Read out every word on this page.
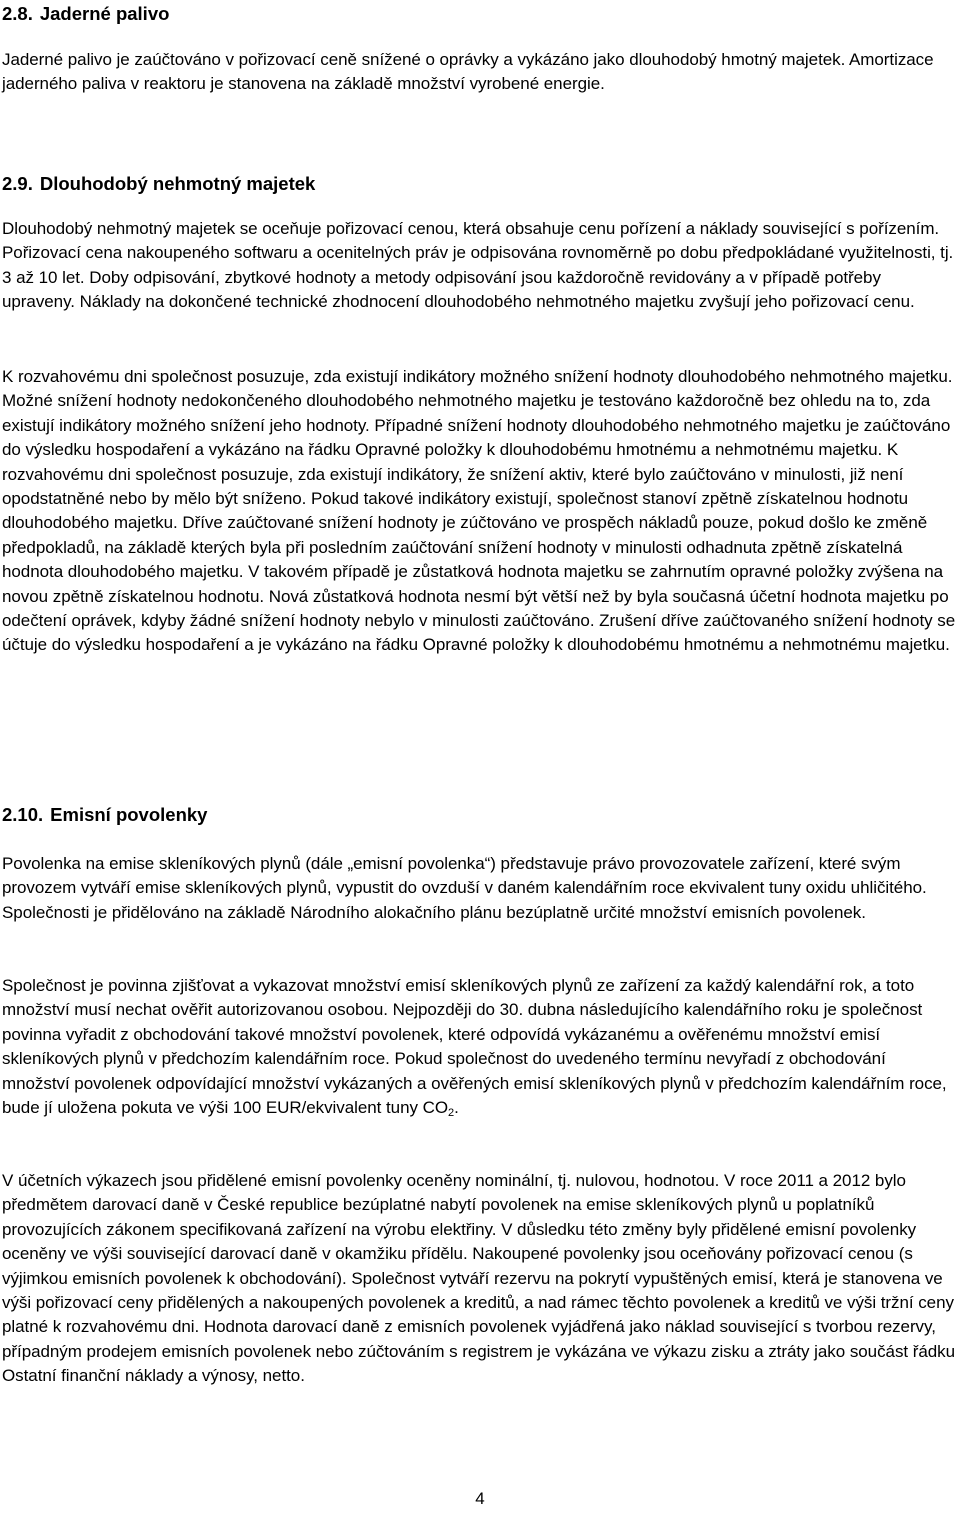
2.8. Jaderné palivo

Jaderné palivo je zaúčtováno v pořizovací ceně snížené o oprávky a vykázáno jako dlouhodobý hmotný majetek. Amortizace jaderného paliva v reaktoru je stanovena na základě množství vyrobené energie.

2.9. Dlouhodobý nehmotný majetek

Dlouhodobý nehmotný majetek se oceňuje pořizovací cenou, která obsahuje cenu pořízení a náklady související s pořízením. Pořizovací cena nakoupeného softwaru a ocenitelných práv je odpisována rovnoměrně po dobu předpokládané využitelnosti, tj. 3 až 10 let. Doby odpisování, zbytkové hodnoty a metody odpisování jsou každoročně revidovány a v případě potřeby upraveny. Náklady na dokončené technické zhodnocení dlouhodobého nehmotného majetku zvyšují jeho pořizovací cenu.

K rozvahovému dni společnost posuzuje, zda existují indikátory možného snížení hodnoty dlouhodobého nehmotného majetku. Možné snížení hodnoty nedokončeného dlouhodobého nehmotného majetku je testováno každoročně bez ohledu na to, zda existují indikátory možného snížení jeho hodnoty. Případné snížení hodnoty dlouhodobého nehmotného majetku je zaúčtováno do výsledku hospodaření a vykázáno na řádku Opravné položky k dlouhodobému hmotnému a nehmotnému majetku. K rozvahovému dni společnost posuzuje, zda existují indikátory, že snížení aktiv, které bylo zaúčtováno v minulosti, již není opodstatněné nebo by mělo být sníženo. Pokud takové indikátory existují, společnost stanoví zpětně získatelnou hodnotu dlouhodobého majetku. Dříve zaúčtované snížení hodnoty je zúčtováno ve prospěch nákladů pouze, pokud došlo ke změně předpokladů, na základě kterých byla při posledním zaúčtování snížení hodnoty v minulosti odhadnuta zpětně získatelná hodnota dlouhodobého majetku. V takovém případě je zůstatková hodnota majetku se zahrnutím opravné položky zvýšena na novou zpětně získatelnou hodnotu. Nová zůstatková hodnota nesmí být větší než by byla současná účetní hodnota majetku po odečtení oprávek, kdyby žádné snížení hodnoty nebylo v minulosti zaúčtováno. Zrušení dříve zaúčtovaného snížení hodnoty se účtuje do výsledku hospodaření a je vykázáno na řádku Opravné položky k dlouhodobému hmotnému a nehmotnému majetku.

2.10. Emisní povolenky

Povolenka na emise skleníkových plynů (dále „emisní povolenka“) představuje právo provozovatele zařízení, které svým provozem vytváří emise skleníkových plynů, vypustit do ovzduší v daném kalendářním roce ekvivalent tuny oxidu uhličitého. Společnosti je přidělováno na základě Národního alokačního plánu bezúplatně určité množství emisních povolenek.

Společnost je povinna zjišťovat a vykazovat množství emisí skleníkových plynů ze zařízení za každý kalendářní rok, a toto množství musí nechat ověřit autorizovanou osobou. Nejpozději do 30. dubna následujícího kalendářního roku je společnost povinna vyřadit z obchodování takové množství povolenek, které odpovídá vykázanému a ověřenému množství emisí skleníkových plynů v předchozím kalendářním roce. Pokud společnost do uvedeného termínu nevyřadí z obchodování množství povolenek odpovídající množství vykázaných a ověřených emisí skleníkových plynů v předchozím kalendářním roce, bude jí uložena pokuta ve výši 100 EUR/ekvivalent tuny $CO_2$.

V účetních výkazech jsou přidělené emisní povolenky oceněny nominální, tj. nulovou, hodnotou. V roce 2011 a 2012 bylo předmětem darovací daně v České republice bezúplatné nabytí povolenek na emise skleníkových plynů u poplatníků provozujících zákonem specifikovaná zařízení na výrobu elektřiny. V důsledku této změny byly přidělené emisní povolenky oceněny ve výši související darovací daně v okamžiku přídělu. Nakoupené povolenky jsou oceňovány pořizovací cenou (s výjimkou emisních povolenek k obchodování). Společnost vytváří rezervu na pokrytí vypuštěných emisí, která je stanovena ve výši pořizovací ceny přidělených a nakoupených povolenek a kreditů, a nad rámec těchto povolenek a kreditů ve výši tržní ceny platné k rozvahovému dni. Hodnota darovací daně z emisních povolenek vyjádřená jako náklad související s tvorbou rezervy, případným prodejem emisních povolenek nebo zúčtováním s registrem je vykázána ve výkazu zisku a ztráty jako součást řádku Ostatní finanční náklady a výnosy, netto.

4
